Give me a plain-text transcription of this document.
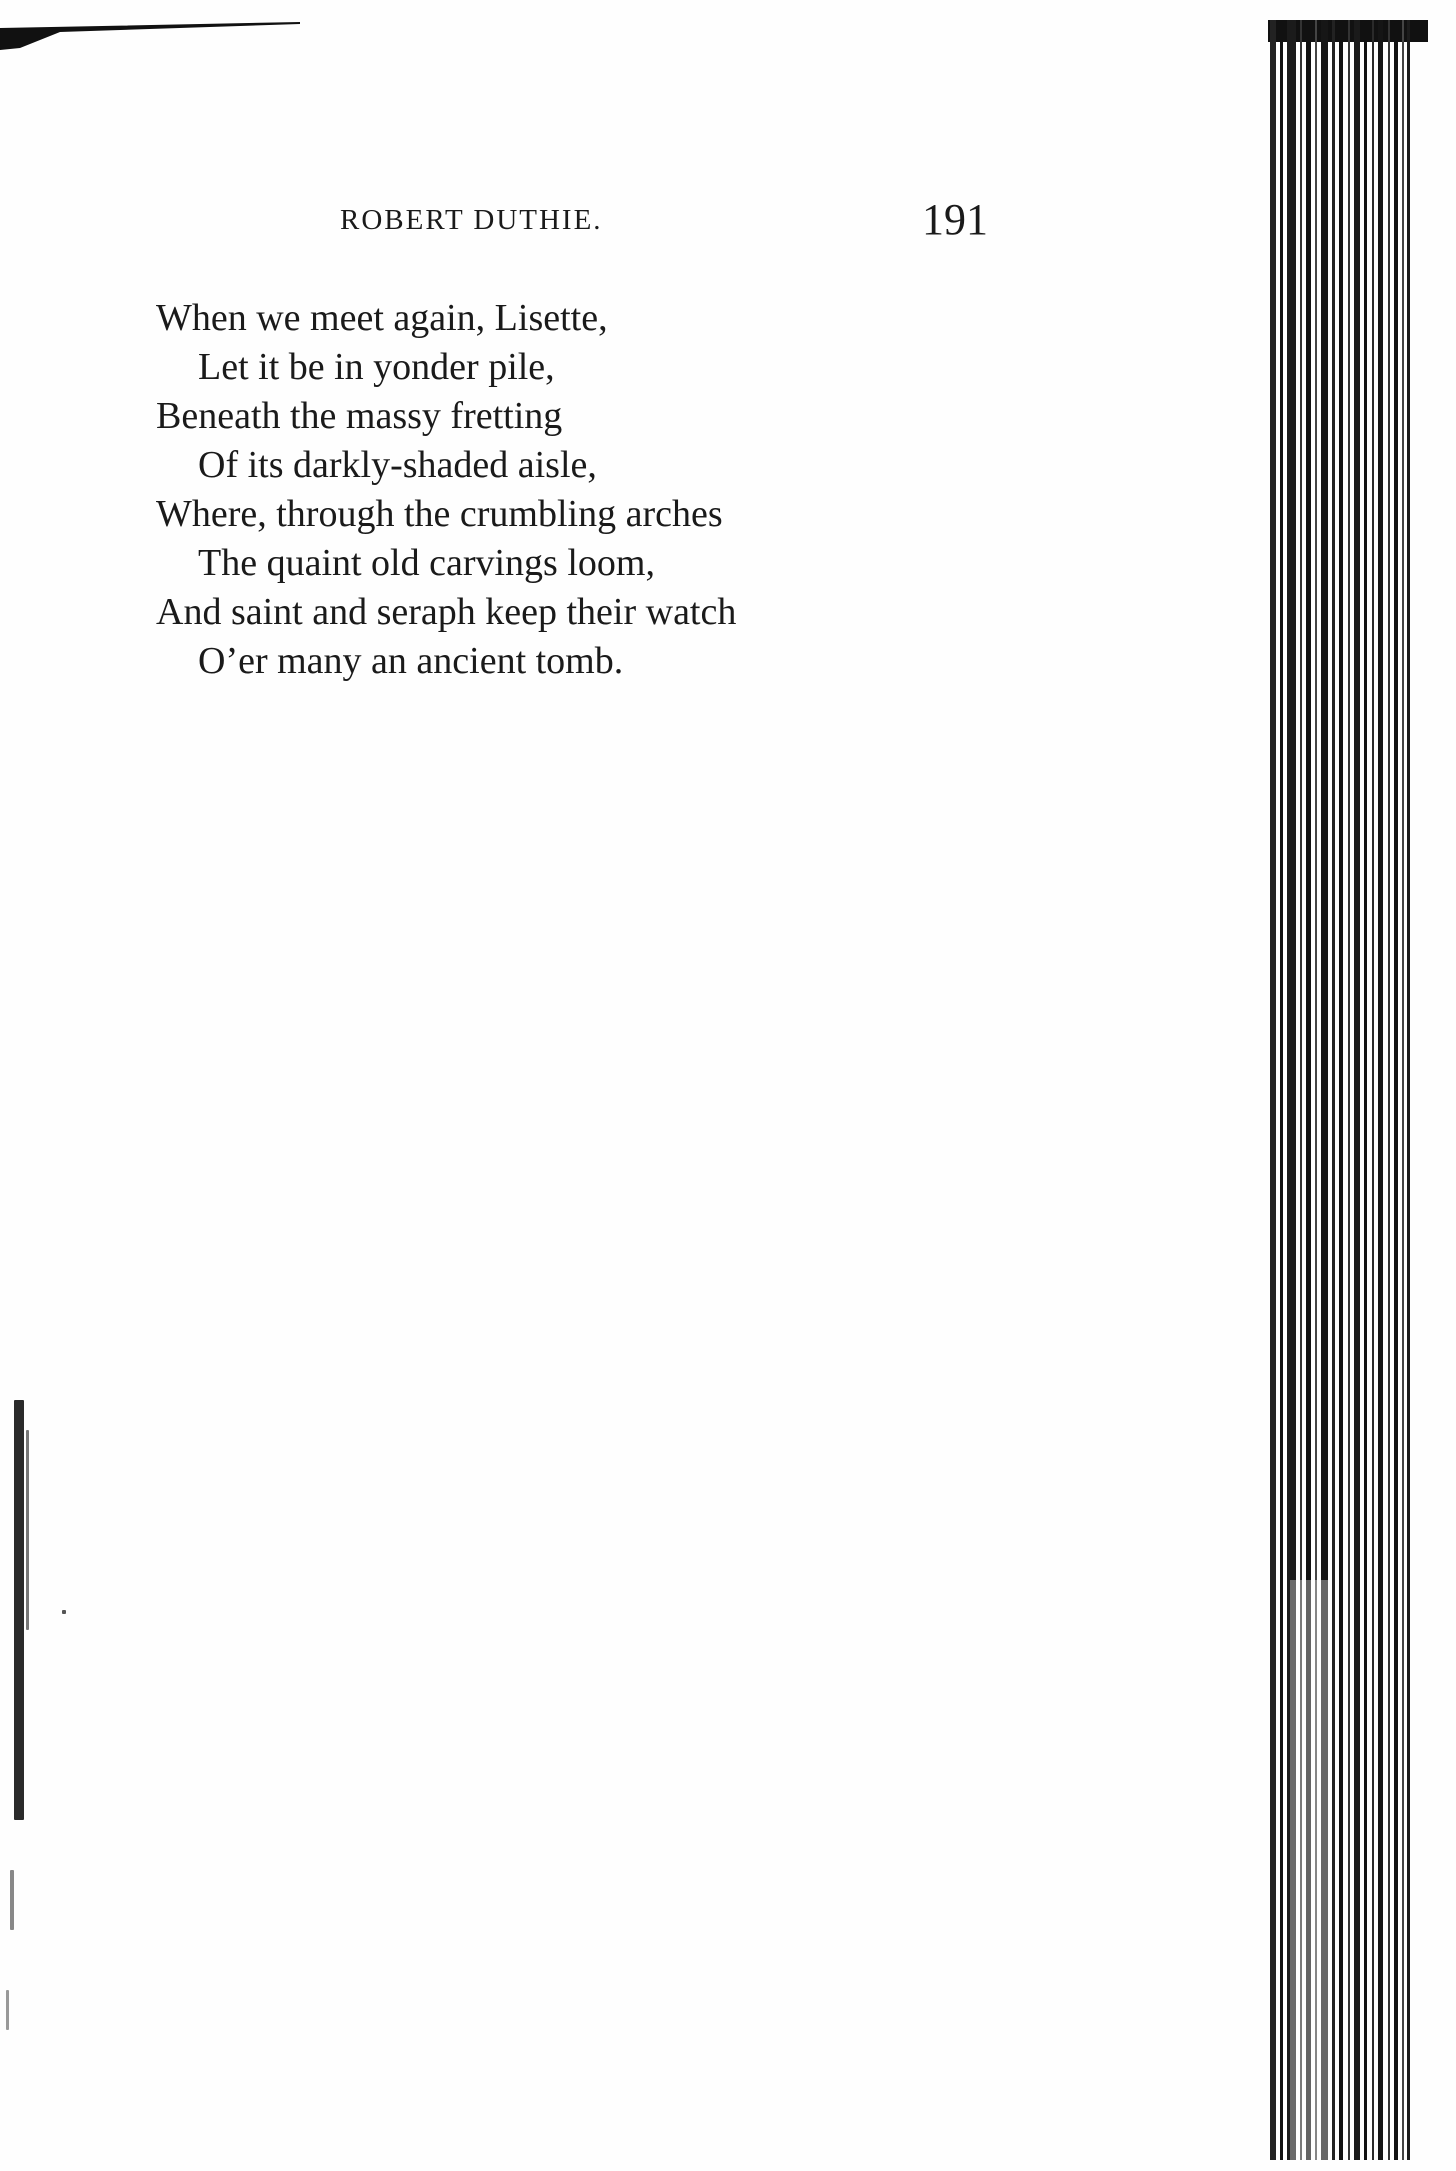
ROBERT DUTHIE.	191
When we meet again, Lisette,
Let it be in yonder pile,
Beneath the massy fretting
Of its darkly-shaded aisle,
Where, through the crumbling arches
The quaint old carvings loom,
And saint and seraph keep their watch
O’er many an ancient tomb.
